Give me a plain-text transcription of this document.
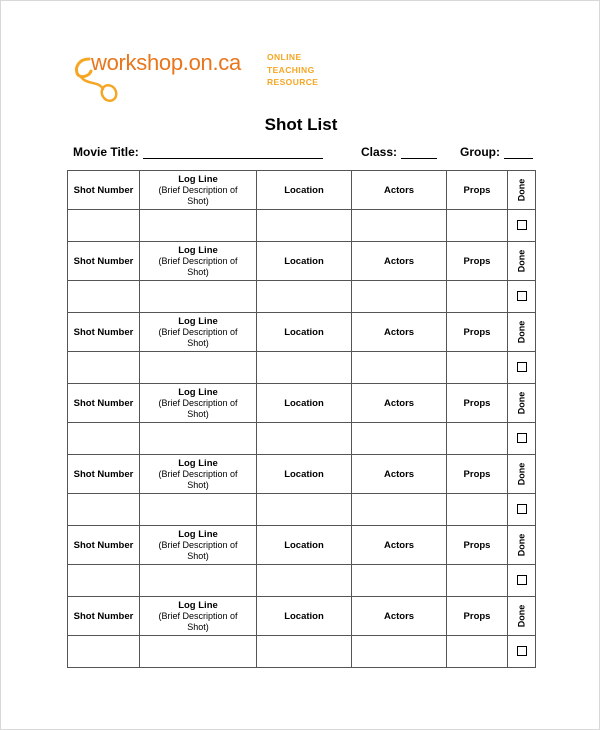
workshop.on.ca	ONLINE
TEACHING
RESOURCE
Shot List
Movie Title:	Class:	Group:
Shot Number	Log Line
(Brief Description of
Shot)	Location	Actors	Props	Done

Shot Number	Log Line
(Brief Description of
Shot)	Location	Actors	Props	Done

Shot Number	Log Line
(Brief Description of
Shot)	Location	Actors	Props	Done

Shot Number	Log Line
(Brief Description of
Shot)	Location	Actors	Props	Done

Shot Number	Log Line
(Brief Description of
Shot)	Location	Actors	Props	Done

Shot Number	Log Line
(Brief Description of
Shot)	Location	Actors	Props	Done

Shot Number	Log Line
(Brief Description of
Shot)	Location	Actors	Props	Done
